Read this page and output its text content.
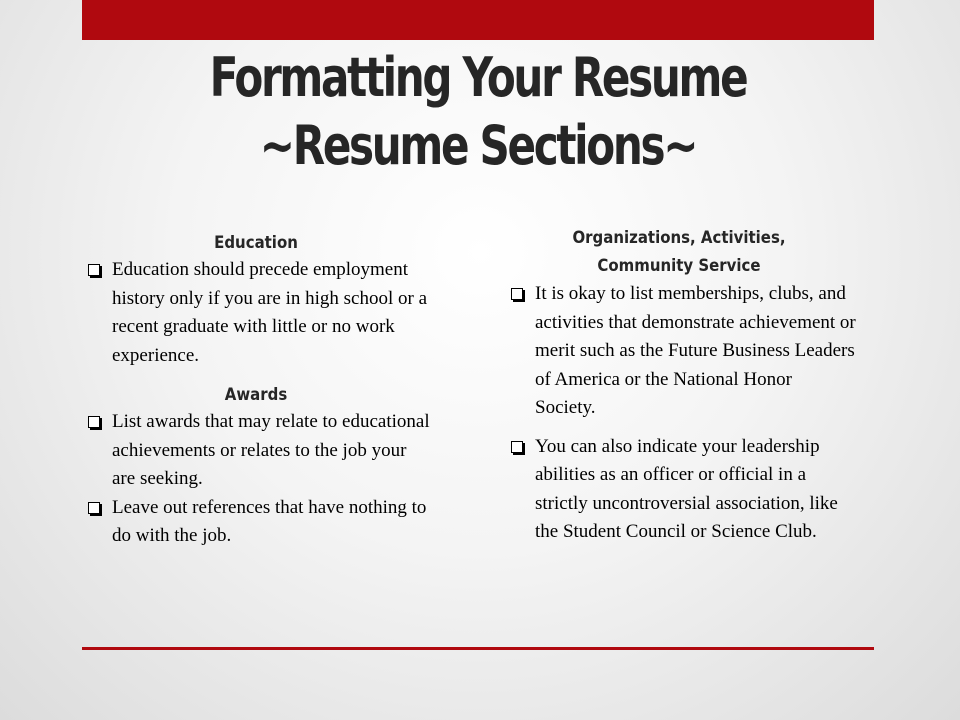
Formatting Your Resume
~Resume Sections~
Education
Education should precede employment history only if you are in high school or a recent graduate with little or no work experience.
Awards
List awards that may relate to educational achievements or relates to the job your are seeking.
Leave out references that have nothing to do with the job.
Organizations, Activities,
Community Service
It is okay to list memberships, clubs, and activities that demonstrate achievement or merit such as the Future Business Leaders of America or the National Honor Society.
You can also indicate your leadership abilities as an officer or official in a strictly uncontroversial association, like the Student Council or Science Club.
